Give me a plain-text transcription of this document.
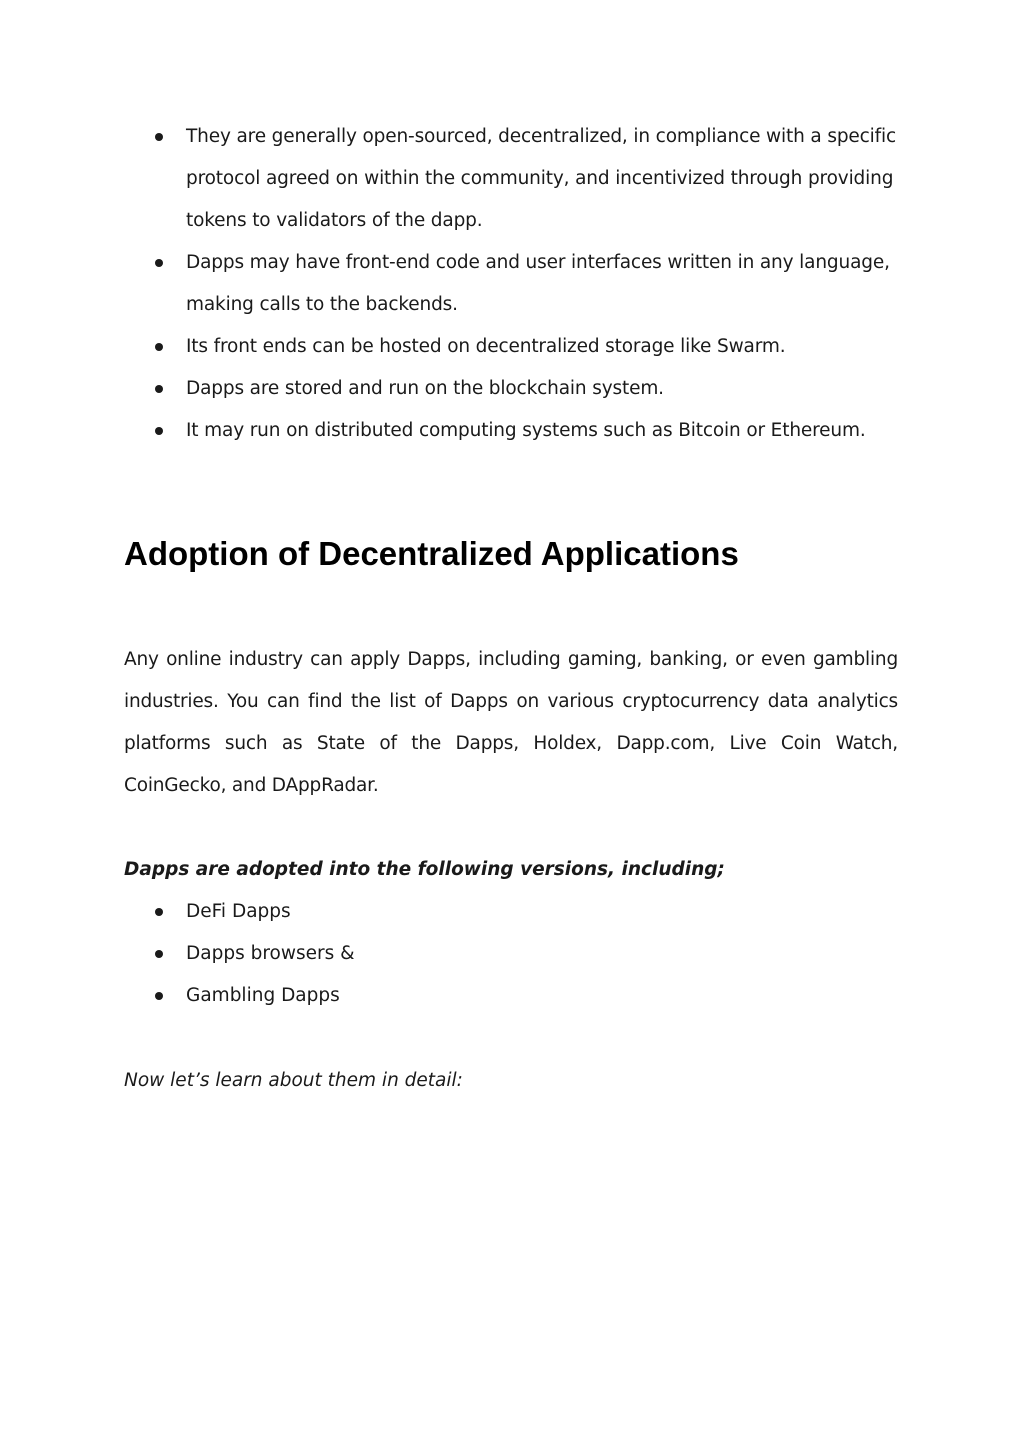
They are generally open-sourced, decentralized, in compliance with a specific protocol agreed on within the community, and incentivized through providing tokens to validators of the dapp.
Dapps may have front-end code and user interfaces written in any language, making calls to the backends.
Its front ends can be hosted on decentralized storage like Swarm.
Dapps are stored and run on the blockchain system.
It may run on distributed computing systems such as Bitcoin or Ethereum.
Adoption of Decentralized Applications

Any online industry can apply Dapps, including gaming, banking, or even gambling industries. You can find the list of Dapps on various cryptocurrency data analytics platforms such as State of the Dapps, Holdex, Dapp.com, Live Coin Watch, CoinGecko, and DAppRadar.

Dapps are adopted into the following versions, including;

DeFi Dapps
Dapps browsers &
Gambling Dapps

Now let’s learn about them in detail:
